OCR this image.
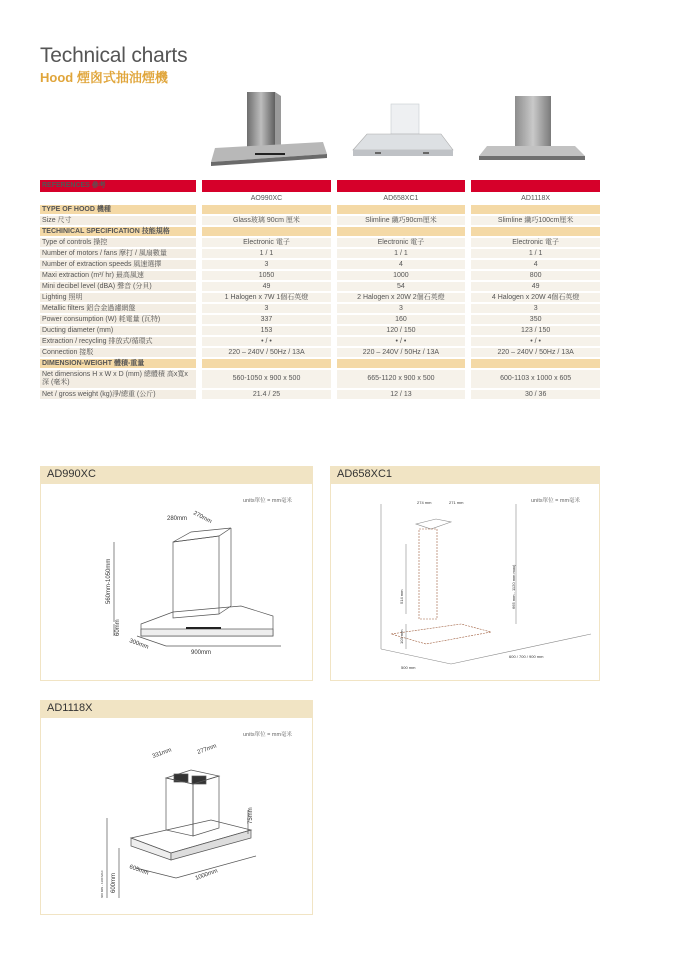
Technical charts
Hood 煙囪式抽油煙機
REFERENCES 參考						
		AO990XC		AD658XC1		AD1118X
TYPE OF HOOD 機種						
Size 尺寸		Glass玻璃 90cm 厘米		Slimline 纖巧90cm厘米		Slimline 纖巧100cm厘米
TECHINICAL SPECIFICATION 技能規格						
Type of controls 操控		Electronic 電子		Electronic 電子		Electronic 電子
Number of motors / fans 摩打 / 風扇數量		1 / 1		1 / 1		1 / 1
Number of extraction speeds 風速選擇		3		4		4
Maxi extraction (m³/ hr) 最高風速		1050		1000		800
Mini decibel level (dBA) 聲音 (分貝)		49		54		49
Lighting 照明		1 Halogen x 7W 1個石英燈		2 Halogen x 20W 2個石英燈		4 Halogen x 20W 4個石英燈
Metallic filters 鋁合金過濾網盤		3		3		3
Power consumption (W) 耗電量 (瓦特)		337		160		350
Ducting diameter (mm)		153		120 / 150		123 / 150
Extraction / recycling 排放式/循環式		• / •		• / •		• / •
Connection 接駁		220 – 240V / 50Hz / 13A		220 – 240V / 50Hz / 13A		220 – 240V / 50Hz / 13A
DIMENSION-WEIGHT 體積-重量						
Net dimensions H x W x D (mm) 總體積 高x寬x深 (毫米)		560-1050 x 900 x 500		665-1120 x 900 x 500		600-1103 x 1000 x 605
Net / gross weight (kg)淨/總重 (公斤)		21.4 / 25		12 / 13		30 / 36
AD990XC
units單位 = mm毫米
280mm 270mm
560mm-1050mm
60mm
300mm
900mm
AD658XC1
units單位 = mm毫米
274 mm	271 mm
514 mm
103 mm
665 mm - 1120 mm max)
500 mm
600 / 700 / 900 mm
AD1118X
units單位 = mm毫米
331mm	277mm
75mm
600mm
600 MIN - 1100 MAX	605mm	1000mm
